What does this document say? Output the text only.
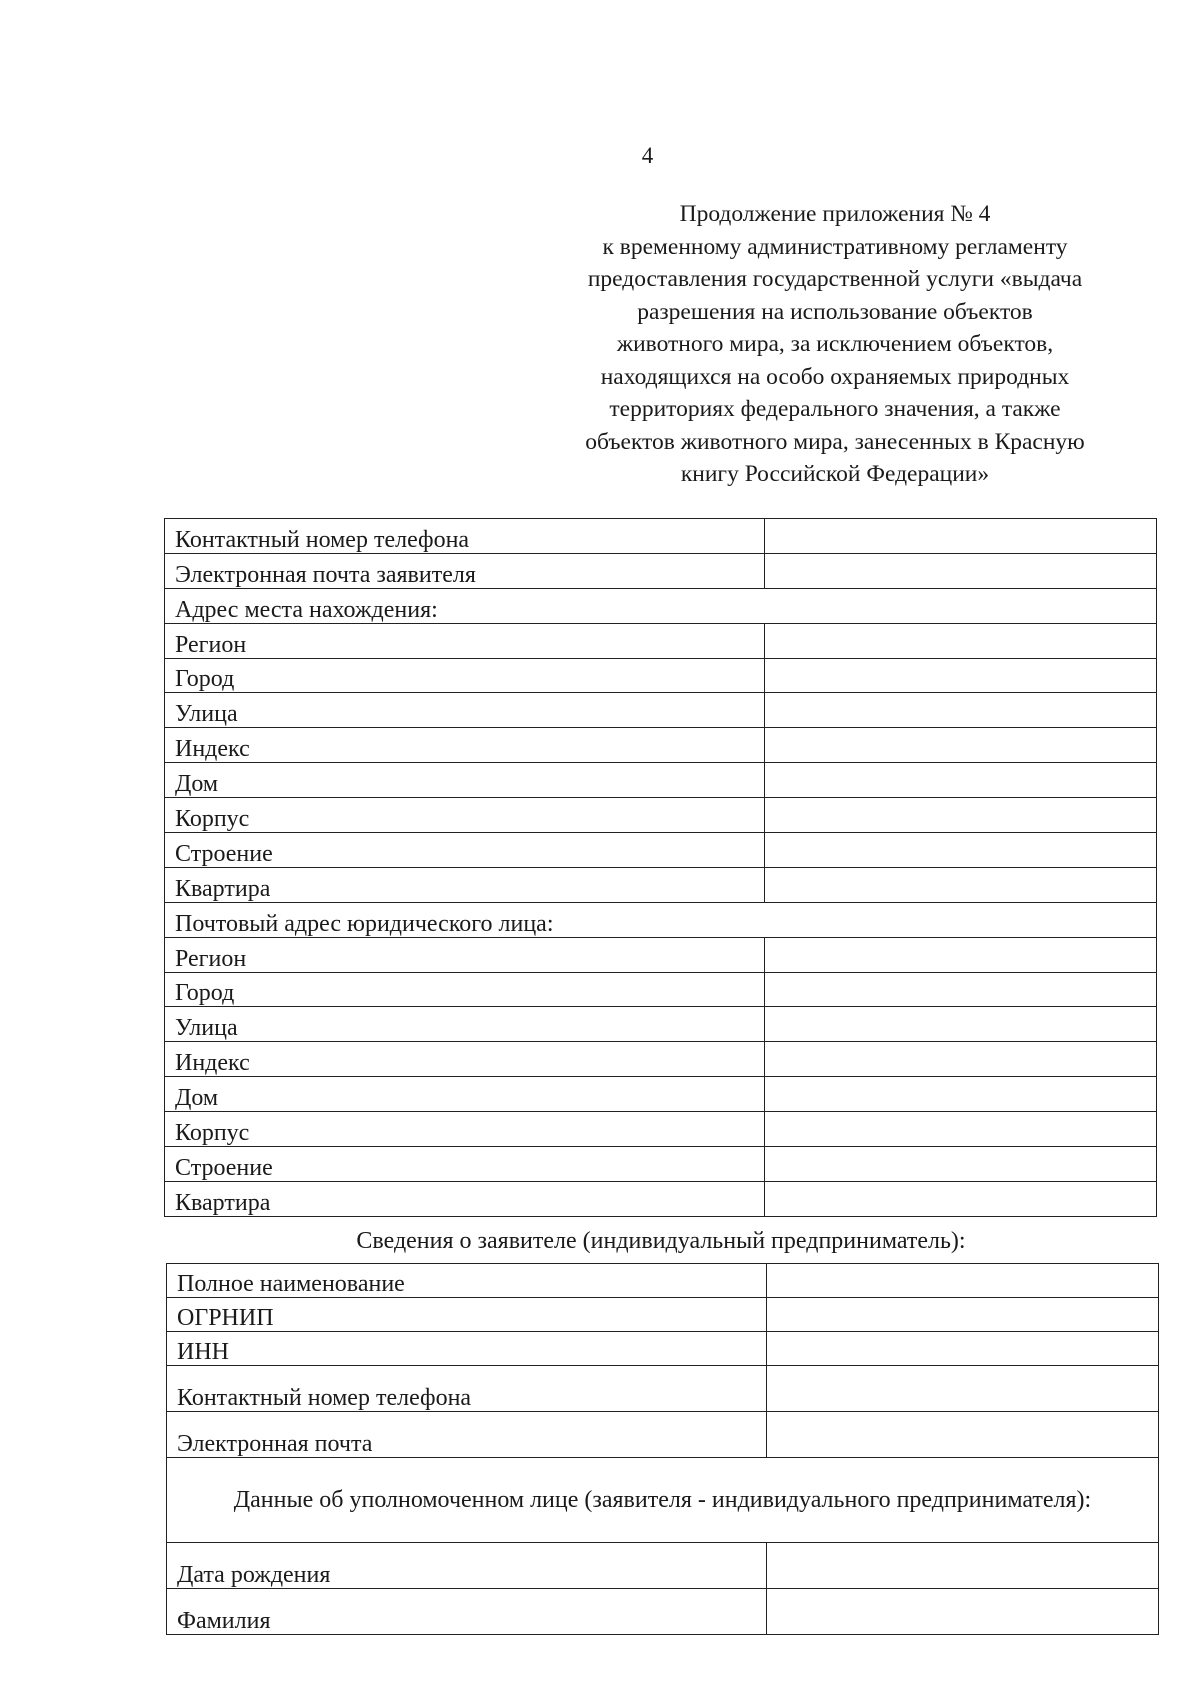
4
Продолжение приложения № 4
к временному административному регламенту
предоставления государственной услуги «выдача
разрешения на использование объектов
животного мира, за исключением объектов,
находящихся на особо охраняемых природных
территориях федерального значения, а также
объектов животного мира, занесенных в Красную
книгу Российской Федерации»
Контактный номер телефона	
Электронная почта заявителя	
Адрес места нахождения:	
Регион	
Город	
Улица	
Индекс	
Дом	
Корпус	
Строение	
Квартира	
Почтовый адрес юридического лица:	
Регион	
Город	
Улица	
Индекс	
Дом	
Корпус	
Строение	
Квартира	
Сведения о заявителе (индивидуальный предприниматель):
Полное наименование	
ОГРНИП	
ИНН	
Контактный номер телефона	
Электронная почта	
Данные об уполномоченном лице (заявителя - индивидуального предпринимателя):	
Дата рождения	
Фамилия	
